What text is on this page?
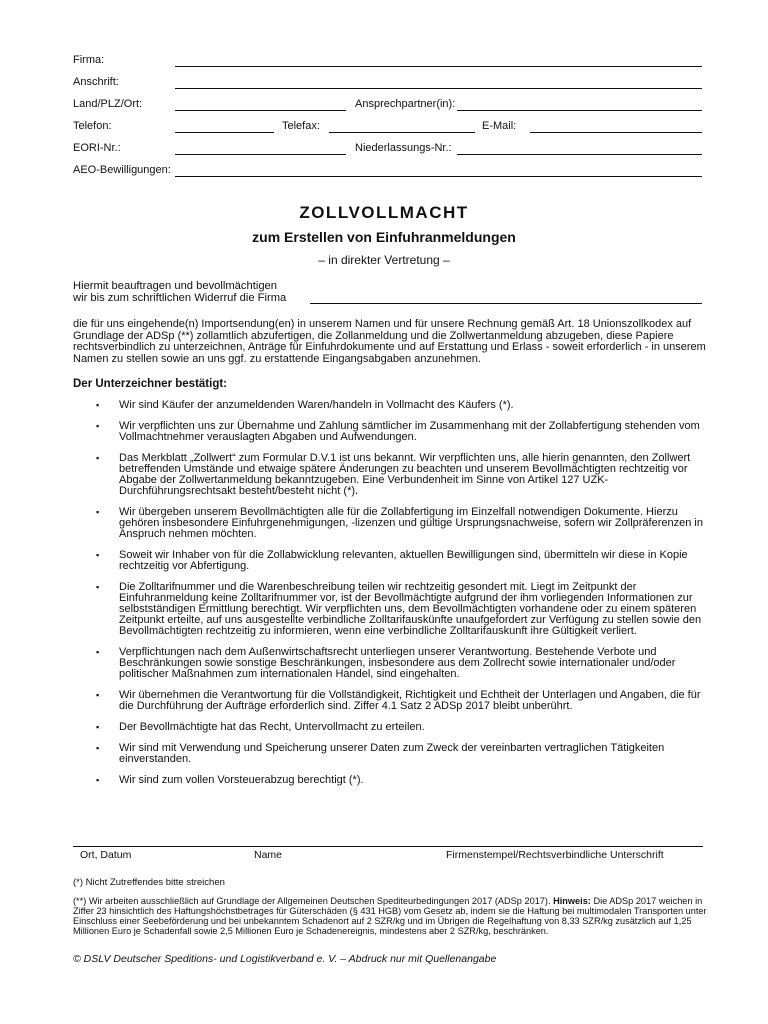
Firma:
Anschrift:
Land/PLZ/Ort:	Ansprechpartner(in):
Telefon:	Telefax:	E-Mail:
EORI-Nr.:	Niederlassungs-Nr.:
AEO-Bewilligungen:
ZOLLVOLLMACHT
zum Erstellen von Einfuhranmeldungen
– in direkter Vertretung –
Hiermit beauftragen und bevollmächtigen
wir bis zum schriftlichen Widerruf die Firma
die für uns eingehende(n) Importsendung(en) in unserem Namen und für unsere Rechnung gemäß Art. 18 Unionszollkodex auf Grundlage der ADSp (**) zollamtlich abzufertigen, die Zollanmeldung und die Zollwertanmeldung abzugeben, diese Papiere rechtsverbindlich zu unterzeichnen, Anträge für Einfuhrdokumente und auf Erstattung und Erlass - soweit erforderlich - in unserem Namen zu stellen sowie an uns ggf. zu erstattende Eingangsabgaben anzunehmen.
Der Unterzeichner bestätigt:
▪ Wir sind Käufer der anzumeldenden Waren/handeln in Vollmacht des Käufers (*).
▪ Wir verpflichten uns zur Übernahme und Zahlung sämtlicher im Zusammenhang mit der Zollabfertigung stehenden vom Vollmachtnehmer verauslagten Abgaben und Aufwendungen.
▪ Das Merkblatt „Zollwert“ zum Formular D.V.1 ist uns bekannt. Wir verpflichten uns, alle hierin genannten, den Zollwert betreffenden Umstände und etwaige spätere Änderungen zu beachten und unserem Bevollmächtigten rechtzeitig vor Abgabe der Zollwertanmeldung bekanntzugeben. Eine Verbundenheit im Sinne von Artikel 127 UZK-Durchführungsrechtsakt besteht/besteht nicht (*).
▪ Wir übergeben unserem Bevollmächtigten alle für die Zollabfertigung im Einzelfall notwendigen Dokumente. Hierzu gehören insbesondere Einfuhrgenehmigungen, -lizenzen und gültige Ursprungsnachweise, sofern wir Zollpräferenzen in Anspruch nehmen möchten.
▪ Soweit wir Inhaber von für die Zollabwicklung relevanten, aktuellen Bewilligungen sind, übermitteln wir diese in Kopie rechtzeitig vor Abfertigung.
▪ Die Zolltarifnummer und die Warenbeschreibung teilen wir rechtzeitig gesondert mit. Liegt im Zeitpunkt der Einfuhranmeldung keine Zolltarifnummer vor, ist der Bevollmächtigte aufgrund der ihm vorliegenden Informationen zur selbstständigen Ermittlung berechtigt. Wir verpflichten uns, dem Bevollmächtigten vorhandene oder zu einem späteren Zeitpunkt erteilte, auf uns ausgestellte verbindliche Zolltarifauskünfte unaufgefordert zur Verfügung zu stellen sowie den Bevollmächtigten rechtzeitig zu informieren, wenn eine verbindliche Zolltarifauskunft ihre Gültigkeit verliert.
▪ Verpflichtungen nach dem Außenwirtschaftsrecht unterliegen unserer Verantwortung. Bestehende Verbote und Beschränkungen sowie sonstige Beschränkungen, insbesondere aus dem Zollrecht sowie internationaler und/oder politischer Maßnahmen zum internationalen Handel, sind eingehalten.
▪ Wir übernehmen die Verantwortung für die Vollständigkeit, Richtigkeit und Echtheit der Unterlagen und Angaben, die für die Durchführung der Aufträge erforderlich sind. Ziffer 4.1 Satz 2 ADSp 2017 bleibt unberührt.
▪ Der Bevollmächtigte hat das Recht, Untervollmacht zu erteilen.
▪ Wir sind mit Verwendung und Speicherung unserer Daten zum Zweck der vereinbarten vertraglichen Tätigkeiten einverstanden.
▪ Wir sind zum vollen Vorsteuerabzug berechtigt (*).
Ort, Datum	Name	Firmenstempel/Rechtsverbindliche Unterschrift
(*) Nicht Zutreffendes bitte streichen
(**) Wir arbeiten ausschließlich auf Grundlage der Allgemeinen Deutschen Spediteurbedingungen 2017 (ADSp 2017). Hinweis: Die ADSp 2017 weichen in Ziffer 23 hinsichtlich des Haftungshöchstbetrages für Güterschäden (§ 431 HGB) vom Gesetz ab, indem sie die Haftung bei multimodalen Transporten unter Einschluss einer Seebeförderung und bei unbekanntem Schadenort auf 2 SZR/kg und im Übrigen die Regelhaftung von 8,33 SZR/kg zusätzlich auf 1,25 Millionen Euro je Schadenfall sowie 2,5 Millionen Euro je Schadenereignis, mindestens aber 2 SZR/kg, beschränken.
© DSLV Deutscher Speditions- und Logistikverband e. V. – Abdruck nur mit Quellenangabe
